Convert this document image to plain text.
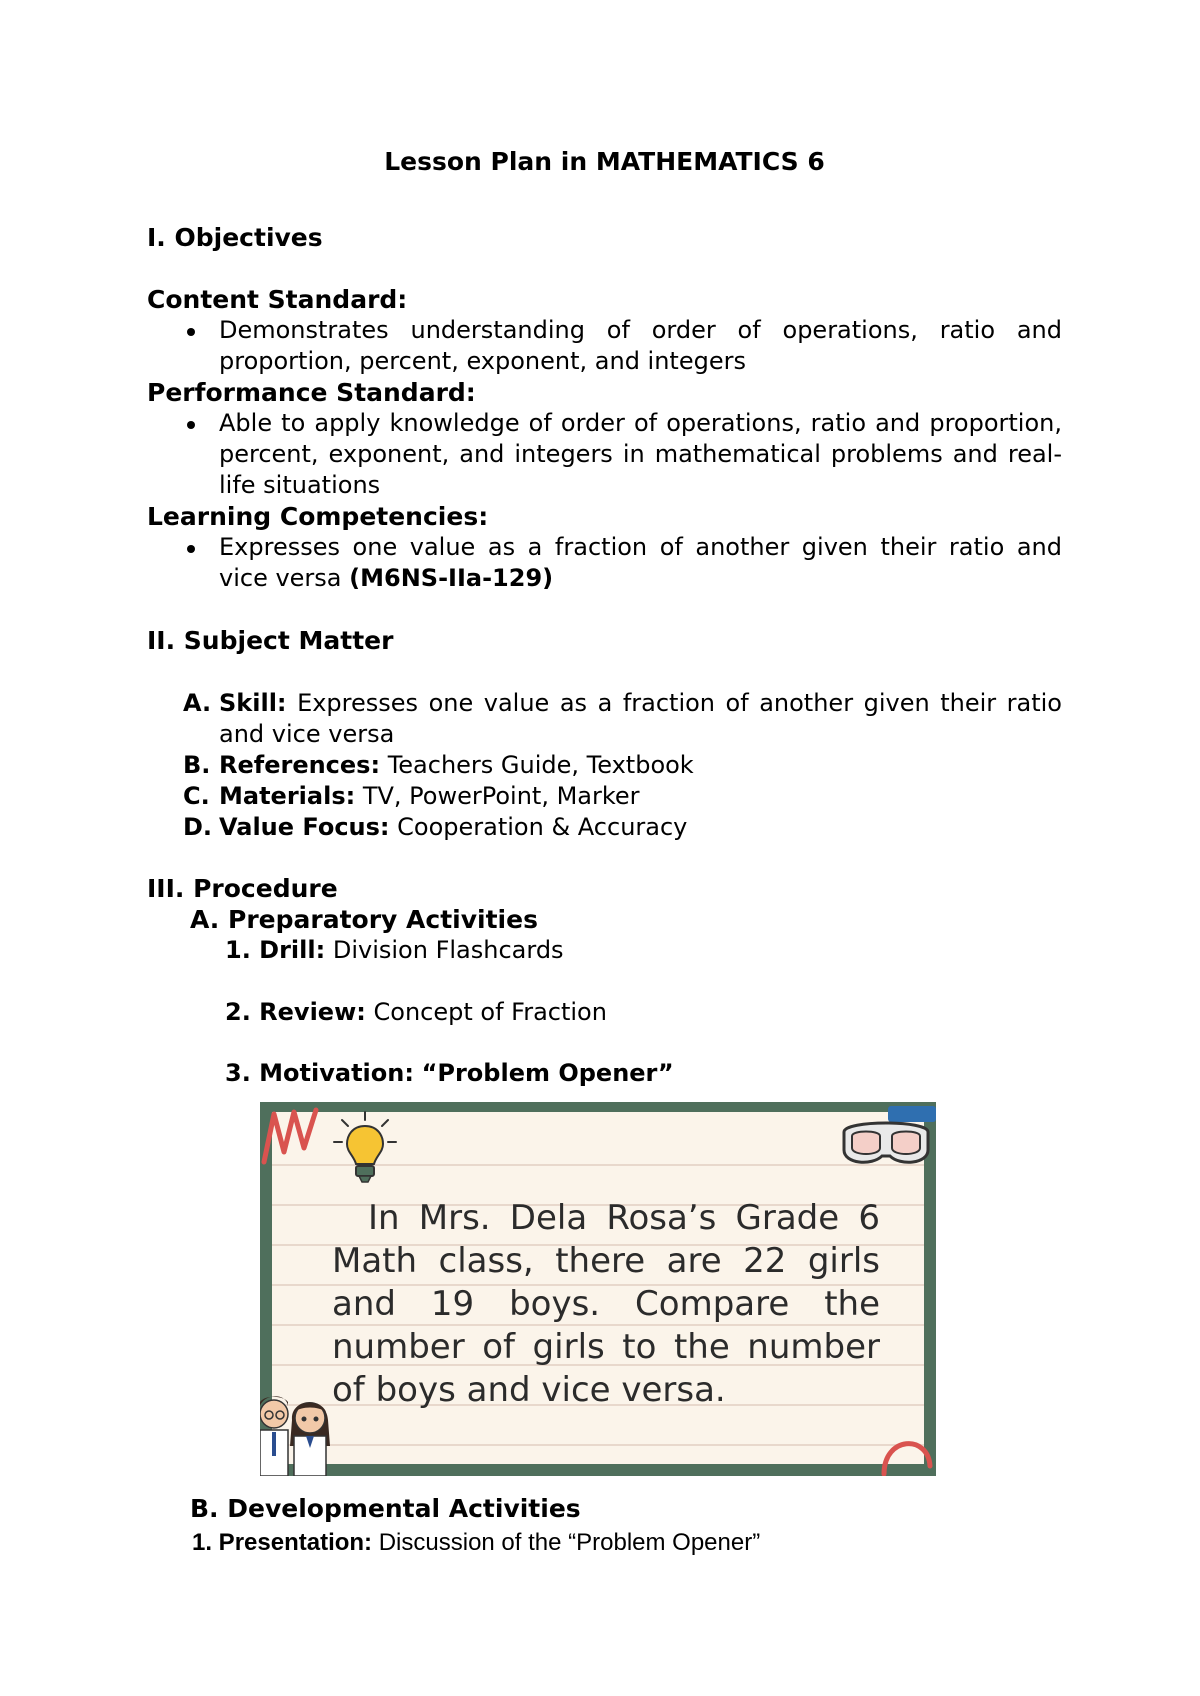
Lesson Plan in MATHEMATICS 6
I. Objectives
Content Standard:
Demonstrates understanding of order of operations, ratio and proportion, percent, exponent, and integers
Performance Standard:
Able to apply knowledge of order of operations, ratio and proportion, percent, exponent, and integers in mathematical problems and real-life situations
Learning Competencies:
Expresses one value as a fraction of another given their ratio and vice versa (M6NS-IIa-129)
II. Subject Matter
A. Skill: Expresses one value as a fraction of another given their ratio and vice versa
B. References: Teachers Guide, Textbook
C. Materials: TV, PowerPoint, Marker
D. Value Focus: Cooperation & Accuracy
III. Procedure
A. Preparatory Activities
1. Drill: Division Flashcards
2. Review: Concept of Fraction
3. Motivation: “Problem Opener”
In Mrs. Dela Rosa’s Grade 6 Math class, there are 22 girls and 19 boys. Compare the number of girls to the number of boys and vice versa.
B. Developmental Activities
1. Presentation: Discussion of the “Problem Opener”
